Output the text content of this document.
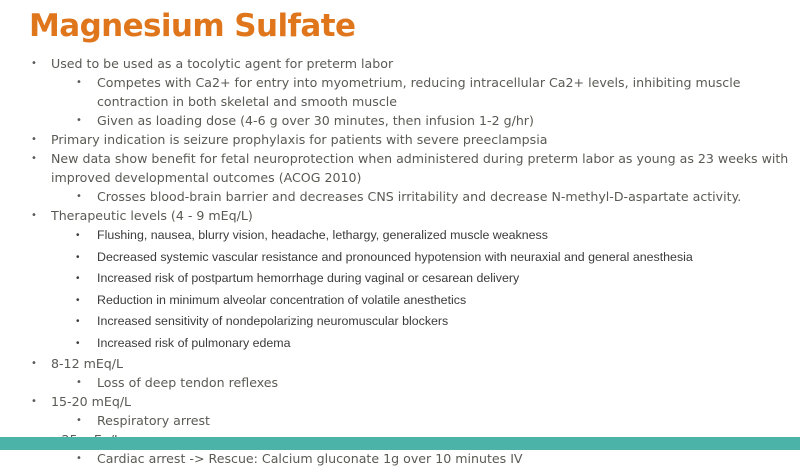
Magnesium Sulfate
•	Used to be used as a tocolytic agent for preterm labor
•	Competes with Ca2+ for entry into myometrium, reducing intracellular Ca2+ levels, inhibiting muscle contraction in both skeletal and smooth muscle
•	Given as loading dose (4-6 g over 30 minutes, then infusion 1-2 g/hr)
•	Primary indication is seizure prophylaxis for patients with severe preeclampsia
•	New data show benefit for fetal neuroprotection when administered during preterm labor as young as 23 weeks with improved developmental outcomes (ACOG 2010)
•	Crosses blood-brain barrier and decreases CNS irritability and decrease N-methyl-D-aspartate activity.
•	Therapeutic levels (4 - 9 mEq/L)
•	Flushing, nausea, blurry vision, headache, lethargy, generalized muscle weakness
•	Decreased systemic vascular resistance and pronounced hypotension with neuraxial and general anesthesia
•	Increased risk of postpartum hemorrhage during vaginal or cesarean delivery
•	Reduction in minimum alveolar concentration of volatile anesthetics
•	Increased sensitivity of nondepolarizing neuromuscular blockers
•	Increased risk of pulmonary edema
•	8-12 mEq/L
•	Loss of deep tendon reflexes
•	15-20 mEq/L
•	Respiratory arrest
•	Cardiac arrest -> Rescue: Calcium gluconate 1g over 10 minutes IV
